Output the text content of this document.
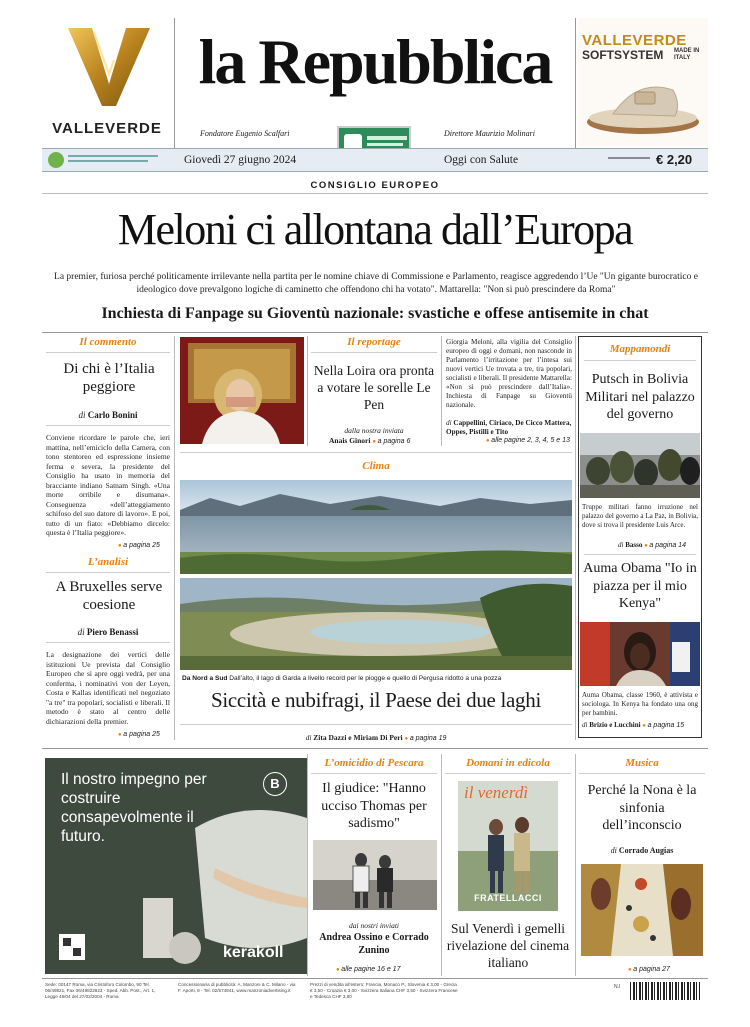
VALLEVERDE
la Repubblica
Fondatore Eugenio Scalfari	Direttore Maurizio Molinari
VALLEVERDE
SOFTSYSTEM MADE IN ITALY
Giovedì 27 giugno 2024	Oggi con Salute	€ 2,20
CONSIGLIO EUROPEO
Meloni ci allontana dall’Europa
La premier, furiosa perché politicamente irrilevante nella partita per le nomine chiave di Commissione e Parlamento, reagisce aggredendo l’Ue "Un gigante burocratico e ideologico dove prevalgono logiche di caminetto che offendono chi ha votato". Mattarella: "Non si può prescindere da Roma"
Inchiesta di Fanpage su Gioventù nazionale: svastiche e offese antisemite in chat
Il commento
Di chi è l’Italia peggiore
di Carlo Bonini
Conviene ricordare le parole che, ieri mattina, nell’emiciclo della Camera, con tono stentoreo ed espressione insieme ferma e severa, la presidente del Consiglio ha usato in memoria del bracciante indiano Satnam Singh. «Una morte orribile e disumana». Conseguenza «dell’atteggiamento schifoso del suo datore di lavoro». E poi, tutto di un fiato: «Debbiamo dircelo: questa è l’Italia peggiore».
● a pagina 25
L’analisi
A Bruxelles serve coesione
di Piero Benassi
La designazione dei vertici delle istituzioni Ue prevista dal Consiglio Europeo che si apre oggi vedrà, per una conferma, i nominativi von der Leyen, Costa e Kallas identificati nel negoziato "a tre" tra popolari, socialisti e liberali. Il metodo è stato al centro delle dichiarazioni della premier.
● a pagina 25
Il reportage
Nella Loira ora pronta a votare le sorelle Le Pen
dalla nostra inviata
Anais Ginori ● a pagina 6
Giorgia Meloni, alla vigilia del Consiglio europeo di oggi e domani, non nasconde in Parlamento l’irritazione per l’intesa sui nuovi vertici Ue trovata a tre, tra popolari, socialisti e liberali. Il presidente Mattarella: «Non si può prescindere dall’Italia». Inchiesta di Fanpage su Gioventù nazionale.
di Cappellini, Ciriaco, De Cicco Mattera, Oppes, Pistilli e Tito
● alle pagine 2, 3, 4, 5 e 13
Clima
Da Nord a Sud Dall’alto, il lago di Garda a livello record per le piogge e quello di Pergusa ridotto a una pozza
Siccità e nubifragi, il Paese dei due laghi
di Zita Dazzi e Miriam Di Peri ● a pagina 19
Mappamondi
Putsch in Bolivia Militari nel palazzo del governo
Truppe militari fanno irruzione nel palazzo del governo a La Paz, in Bolivia, dove si trova il presidente Luis Arce.
di Basso ● a pagina 14
Auma Obama "Io in piazza per il mio Kenya"
Auma Obama, classe 1960, è attivista e sociologa. In Kenya ha fondato una ong per bambini.
di Brizio e Lucchini ● a pagina 15
Il nostro impegno per costruire consapevolmente il futuro.
B
kerakoll
L’omicidio di Pescara
Il giudice: "Hanno ucciso Thomas per sadismo"
dai nostri inviati
Andrea Ossino e Corrado Zunino
● alle pagine 16 e 17
Domani in edicola
il venerdì
FRATELLACCI
Sul Venerdì i gemelli rivelazione del cinema italiano
Musica
Perché la Nona è la sinfonia dell’inconscio
di Corrado Augias
● a pagina 27
Sede: 00147 Roma, via Cristoforo Colombo, 90 Tel. 06/49821, Fax 06/49822923 - Sped. Abb. Post., Art. 1, Legge 46/04 del 27/02/2004 - Roma
Concessionaria di pubblicità: A. Manzoni & C. Milano - via F. Aporti, 8 - Tel. 02/574941, www.manzoniadvertising.it
Prezzi di vendita all'estero: Francia, Monaco P., Slovenia € 3,00 - Grecia € 3,50 - Croazia € 3,00 - Svizzera Italiana CHF 3,50 - Svizzera Francese e Tedesca CHF 3,80
N.I
